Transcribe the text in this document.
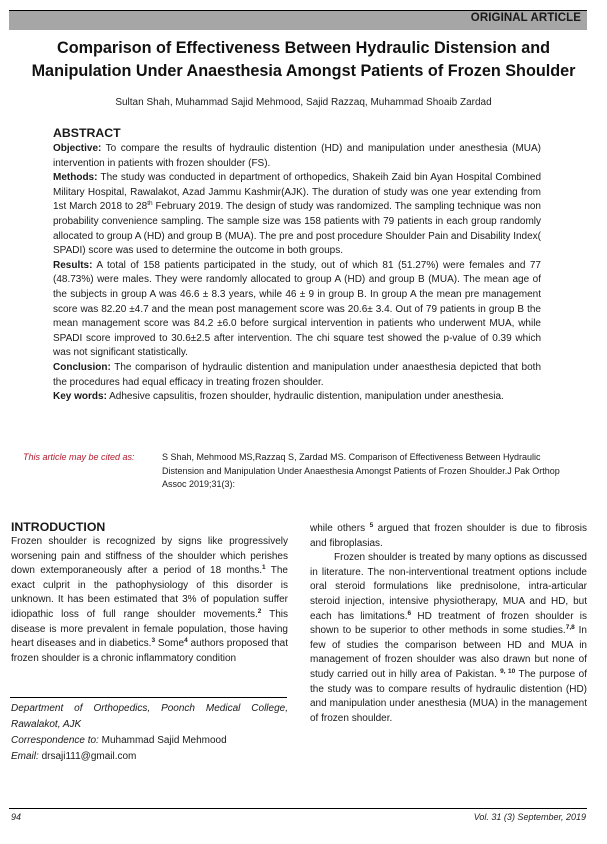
ORIGINAL ARTICLE
Comparison of Effectiveness Between Hydraulic Distension and
Manipulation Under Anaesthesia Amongst Patients of Frozen Shoulder
Sultan Shah, Muhammad Sajid Mehmood, Sajid Razzaq, Muhammad Shoaib Zardad
ABSTRACT

Objective: To compare the results of hydraulic distention (HD) and manipulation under anesthesia (MUA) intervention in patients with frozen shoulder (FS).

Methods: The study was conducted in department of orthopedics, Shakeih Zaid bin Ayan Hospital Combined Military Hospital, Rawalakot, Azad Jammu Kashmir(AJK). The duration of study was one year extending from 1st March 2018 to 28th February 2019. The design of study was randomized. The sampling technique was non probability convenience sampling. The sample size was 158 patients with 79 patients in each group randomly allocated to group A (HD) and group B (MUA). The pre and post procedure Shoulder Pain and Disability Index( SPADI) score was used to determine the outcome in both groups.

Results: A total of 158 patients participated in the study, out of which 81 (51.27%) were females and 77 (48.73%) were males. They were randomly allocated to group A (HD) and group B (MUA). The mean age of the subjects in group A was 46.6 ± 8.3 years, while 46 ± 9 in group B. In group A the mean pre management score was 82.20 ±4.7 and the mean post management score was 20.6± 3.4. Out of 79 patients in group B the mean management score was 84.2 ±6.0 before surgical intervention in patients who underwent MUA, while SPADI score improved to 30.6±2.5 after intervention. The chi square test showed the p-value of 0.39 which was not significant statistically.

Conclusion: The comparison of hydraulic distention and manipulation under anaesthesia depicted that both the procedures had equal efficacy in treating frozen shoulder.

Key words: Adhesive capsulitis, frozen shoulder, hydraulic distention, manipulation under anesthesia.

This article may be cited as:	S Shah, Mehmood MS,Razzaq S, Zardad MS. Comparison of Effectiveness Between Hydraulic Distension and Manipulation Under Anaesthesia Amongst Patients of Frozen Shoulder.J Pak Orthop Assoc 2019;31(3):
INTRODUCTION

Frozen shoulder is recognized by signs like progressively worsening pain and stiffness of the shoulder which perishes down extemporaneously after a period of 18 months.$^1$ The exact culprit in the pathophysiology of this disorder is unknown. It has been estimated that 3% of population suffer idiopathic loss of full range shoulder movements.$^2$ This disease is more prevalent in female population, those having heart diseases and in diabetics.$^3$ Some$^4$ authors proposed that frozen shoulder is a chronic inflammatory condition

Department of Orthopedics, Poonch Medical College, Rawalakot, AJK

Correspondence to: Muhammad Sajid Mehmood

Email: drsaji111@gmail.com

while others $^5$ argued that frozen shoulder is due to fibrosis and fibroplasias.

Frozen shoulder is treated by many options as discussed in literature. The non-interventional treatment options include oral steroid formulations like prednisolone, intra-articular steroid injection, intensive physiotherapy, MUA and HD, but each has limitations.$^6$ HD treatment of frozen shoulder is shown to be superior to other methods in some studies.$^{7,8}$ In few of studies the comparison between HD and MUA in management of frozen shoulder was also drawn but none of study carried out in hilly area of Pakistan. $^{9, 10}$ The purpose of the study was to compare results of hydraulic distention (HD) and manipulation under anesthesia (MUA) in the management of frozen shoulder.

94	Vol. 31 (3) September, 2019
